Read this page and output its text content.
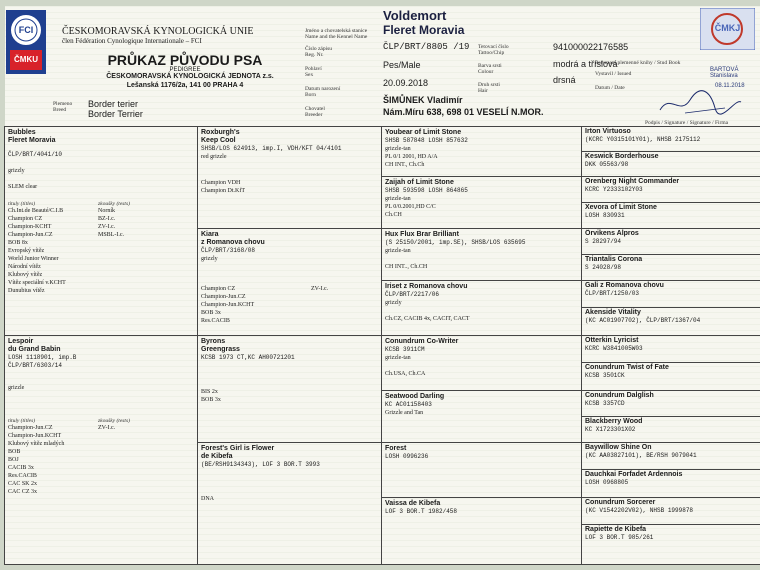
FCI
ČMKU
ČESKOMORAVSKÁ KYNOLOGICKÁ UNIE
člen Fédération Cynologique Internationale – FCI
PRŮKAZ PŮVODU PSA
PEDIGREE
ČESKOMORAVSKÁ KYNOLOGICKÁ JEDNOTA z.s.
Lešanská 1176/2a, 141 00 PRAHA 4
Plemeno
Breed
Border terier
Border Terrier
Jméno a chovatelská stanice
Name and the Kennel Name
Číslo zápisu
Reg. Nr.
Pohlaví
Sex
Datum narození
Born
Chovatel
Breeder
Voldemort
Fleret Moravia
ČLP/BRT/8805 /19
Pes/Male
20.09.2018
ŠIMŮNEK Vladimír
Nám.Míru 638, 698 01 VESELÍ N.MOR.
Tetovací číslo
Tattoo/Chip
Barva srsti
Colour
Druh srsti
Hair
941000022176585
modrá a tříslová
drsná
ČMKJ
Potvrzení plemenné knihy / Stud Book
Vystavil / Issued
Datum / Date
BARTOVÁ Stanislava
08.11.2018
Podpis / Signature / Signature / Firma
Bubbles
Fleret Moravia
ČLP/BRT/4041/10
grizzly
SLEM clear
tituly (titles)	zkoušky (tests)
Ch.Int.de Beauté/C.I.B
Champion CZ
Champion-KCHT
Champion-Jun.CZ
BOB 8x
Evropský vítěz
World Junior Winner
Národní vítěz
Klubový vítěz
Vítěz speciální v.KCHT
Dunubius vítěz
Norník
BZ-I.c.
ZV-I.c.
MSBL-I.c.
Lespoir
du Grand Babin
LOSH 1118901, imp.B
ČLP/BRT/6303/14
grizzle
tituly (titles)	zkoušky (tests)
Champion-Jun.CZ
Champion-Jun.KCHT
Klubový vítěz mladých
BOB
BOJ
CACIB 3x
Res.CACIB
CAC SK 2x
CAC CZ 3x
ZV-I.c.
Roxburgh's
Keep Cool
SHSB/LOS 624913, imp.I, VDH/KFT 04/4101
red grizzle
Champion VDH
Champion Dt.KfT
Kiara
z Romanova chovu
ČLP/BRT/3168/08
grizzly
Champion CZ
Champion-Jun.CZ
Champion-Jun.KCHT
BOB 3x
Res.CACIB
ZV-I.c.
Byrons
Greengrass
KCSB 1973 CT,KC AH00721201
BIS 2x
BOB 3x
Forest's Girl is Flower
de Kibefa
(BE/RSH9134343), LOF 3 BOR.T 3993
DNA
Youbear of Limit Stone
SHSB 587848 LOSH 857632
grizzle-tan
PL 0/1 2001, HD A/A
CH INT., Ch.Ch
Zaijah of Limit Stone
SHSB 593598 LOSH 864865
grizzle-tan
PL 0/0.2001,HD C/C
Ch.CH
Hux Flux Brar Brilliant
(S 25150/2001, imp.SE), SHSB/LOS 635695
grizzle-tan
CH INT.., Ch.CH
Iriset z Romanova chovu
ČLP/BRT/2217/06
grizzly
Ch.CZ, CACIB 4x, CACIT, CACT
Conundrum Co-Writer
KCSB 3911CM
grizzle-tan
Ch.USA, Ch.CA
Seatwood Darling
KC AC01158403
Grizzle and Tan
Forest
LOSH 0996236
Vaissa de Kibefa
LOF 3 BOR.T 1982/458
Irton Virtuoso
(KCRC Y0315101Y01), NHSB 2175112
Keswick Borderhouse
DKK 05563/98
Orenberg Night Commander
KCRC Y2333102Y03
Xevora of Limit Stone
LOSH 830931
Örvikens Alpros
S 28297/94
Triantalis Corona
S 24028/98
Gali z Romanova chovu
ČLP/BRT/1250/03
Akenside Vitality
(KC AC01907702), ČLP/BRT/1367/04
Otterkin Lyricist
KCRC W3841005W03
Conundrum Twist of Fate
KCSB 3501CK
Conundrum Dalglish
KCSB 3357CD
Blackberry Wood
KC X1723301X02
Baywillow Shine On
(KC AA03827101), BE/RSH 9079041
Dauchkai Forfadet Ardennois
LOSH 0968805
Conundrum Sorcerer
(KC V1542202V02), NHSB 1999878
Rapiette de Kibefa
LOF 3 BOR.T 985/261
